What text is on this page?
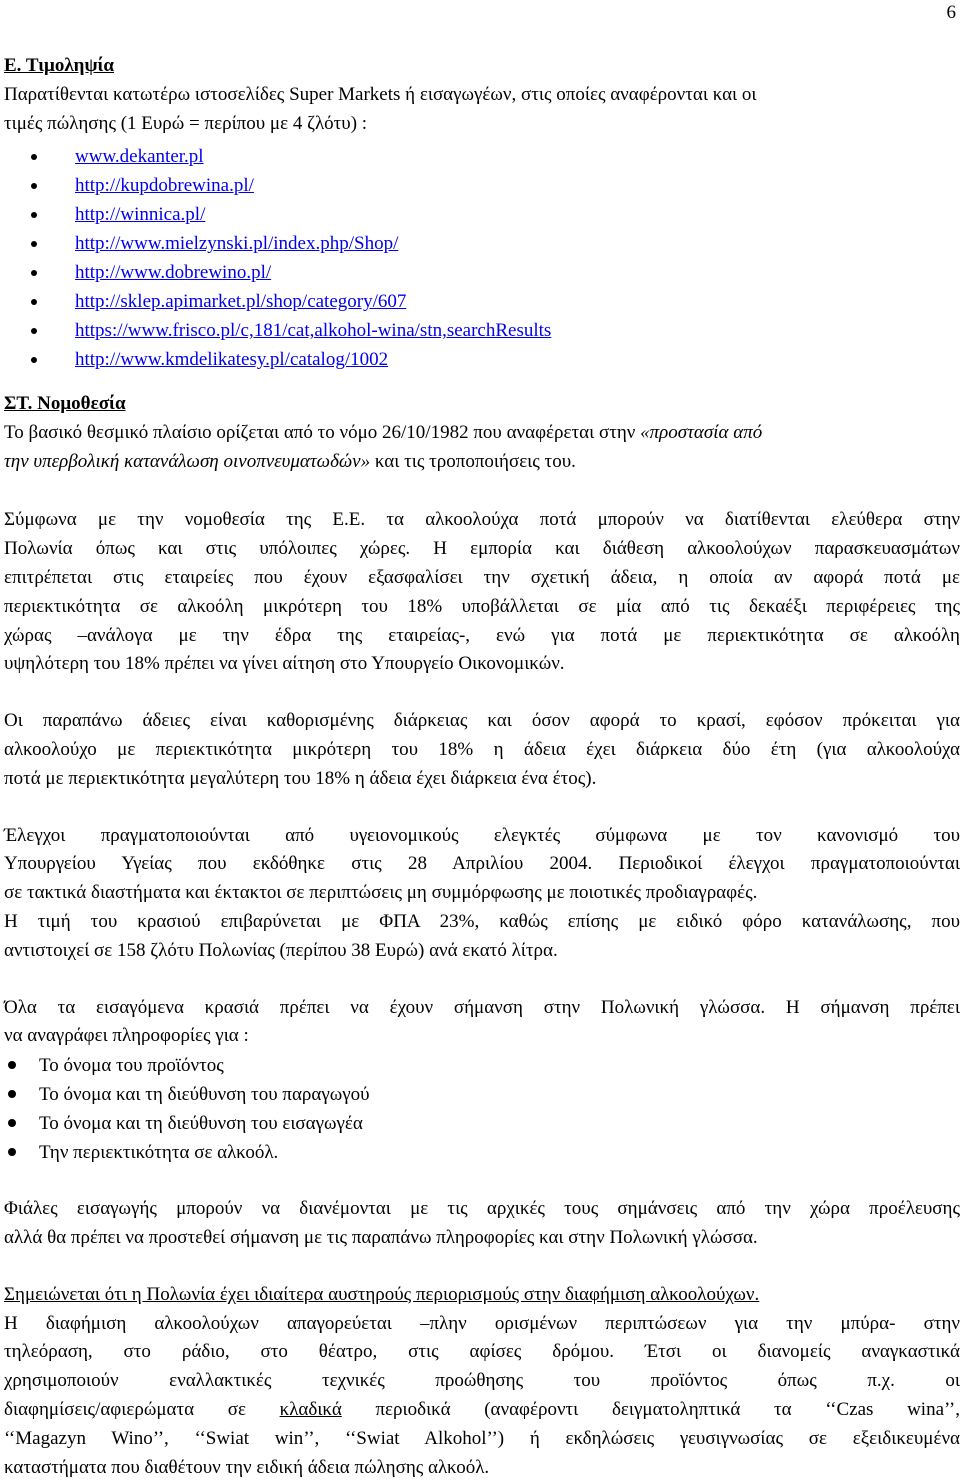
6
Ε. Τιμοληψία
Παρατίθενται κατωτέρω ιστοσελίδες Super Markets ή εισαγωγέων, στις οποίες αναφέρονται και οι
τιμές πώλησης (1 Ευρώ = περίπου με 4 ζλότυ) :
www.dekanter.pl
http://kupdobrewina.pl/
http://winnica.pl/
http://www.mielzynski.pl/index.php/Shop/
http://www.dobrewino.pl/
http://sklep.apimarket.pl/shop/category/607
https://www.frisco.pl/c,181/cat,alkohol-wina/stn,searchResults
http://www.kmdelikatesy.pl/catalog/1002
ΣΤ. Νομοθεσία
Το βασικό θεσμικό πλαίσιο ορίζεται από το νόμο 26/10/1982 που αναφέρεται στην «προστασία από
την υπερβολική κατανάλωση οινοπνευματωδών» και τις τροποποιήσεις του.
Σύμφωνα με την νομοθεσία της Ε.Ε. τα αλκοολούχα ποτά μπορούν να διατίθενται ελεύθερα στην
Πολωνία όπως και στις υπόλοιπες χώρες. Η εμπορία και διάθεση αλκοολούχων παρασκευασμάτων
επιτρέπεται στις εταιρείες που έχουν εξασφαλίσει την σχετική άδεια, η οποία αν αφορά ποτά με
περιεκτικότητα σε αλκοόλη μικρότερη του 18% υποβάλλεται σε μία από τις δεκαέξι περιφέρειες της
χώρας –ανάλογα με την έδρα της εταιρείας-, ενώ για ποτά με περιεκτικότητα σε αλκοόλη
υψηλότερη του 18% πρέπει να γίνει αίτηση στο Υπουργείο Οικονομικών.
Οι παραπάνω άδειες είναι καθορισμένης διάρκειας και όσον αφορά το κρασί, εφόσον πρόκειται για
αλκοολούχο με περιεκτικότητα μικρότερη του 18% η άδεια έχει διάρκεια δύο έτη (για αλκοολούχα
ποτά με περιεκτικότητα μεγαλύτερη του 18% η άδεια έχει διάρκεια ένα έτος).
Έλεγχοι πραγματοποιούνται από υγειονομικούς ελεγκτές σύμφωνα με τον κανονισμό του
Υπουργείου Υγείας που εκδόθηκε στις 28 Απριλίου 2004. Περιοδικοί έλεγχοι πραγματοποιούνται
σε τακτικά διαστήματα και έκτακτοι σε περιπτώσεις μη συμμόρφωσης με ποιοτικές προδιαγραφές.
Η τιμή του κρασιού επιβαρύνεται με ΦΠΑ 23%, καθώς επίσης με ειδικό φόρο κατανάλωσης, που
αντιστοιχεί σε 158 ζλότυ Πολωνίας (περίπου 38 Ευρώ) ανά εκατό λίτρα.
Όλα τα εισαγόμενα κρασιά πρέπει να έχουν σήμανση στην Πολωνική γλώσσα. Η σήμανση πρέπει
να αναγράφει πληροφορίες για :
Το όνομα του προϊόντος
Το όνομα και τη διεύθυνση του παραγωγού
Το όνομα και τη διεύθυνση του εισαγωγέα
Την περιεκτικότητα σε αλκοόλ.
Φιάλες εισαγωγής μπορούν να διανέμονται με τις αρχικές τους σημάνσεις από την χώρα προέλευσης
αλλά θα πρέπει να προστεθεί σήμανση με τις παραπάνω πληροφορίες και στην Πολωνική γλώσσα.
Σημειώνεται ότι η Πολωνία έχει ιδιαίτερα αυστηρούς περιορισμούς στην διαφήμιση αλκοολούχων.
Η διαφήμιση αλκοολούχων απαγορεύεται –πλην ορισμένων περιπτώσεων για την μπύρα- στην
τηλεόραση, στο ράδιο, στο θέατρο, στις αφίσες δρόμου. Έτσι οι διανομείς αναγκαστικά
χρησιμοποιούν εναλλακτικές τεχνικές προώθησης του προϊόντος όπως π.χ. οι
διαφημίσεις/αφιερώματα σε κλαδικά περιοδικά (αναφέροντι δειγματοληπτικά τα ‘‘Czas wina’’,
‘‘Magazyn Wino’’, ‘‘Swiat win’’, ‘‘Swiat Alkohol’’) ή εκδηλώσεις γευσιγνωσίας σε εξειδικευμένα
καταστήματα που διαθέτουν την ειδική άδεια πώλησης αλκοόλ.
